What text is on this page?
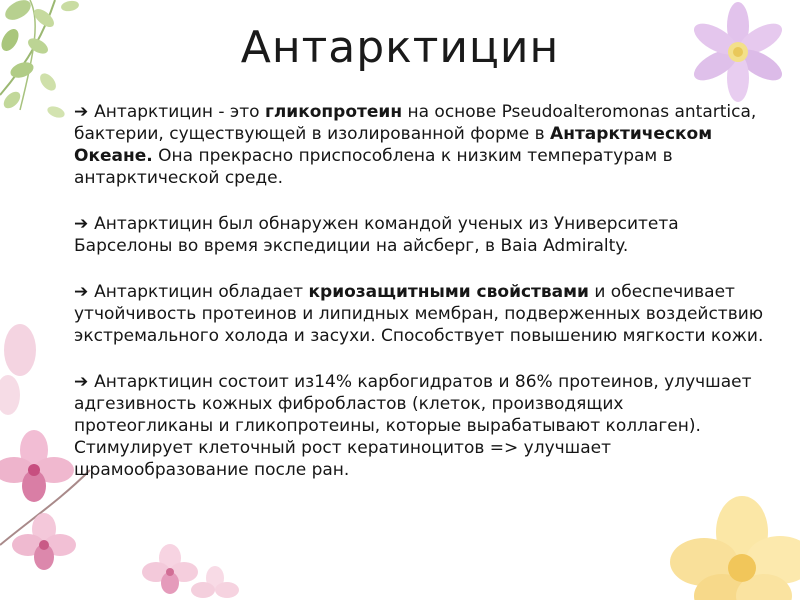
Антарктицин
➔ Антарктицин - это гликопротеин на основе Pseudoalteromonas antartica, бактерии, существующей в изолированной форме в Антарктическом Океане. Она прекрасно приспособлена к низким температурам в антарктической среде.
➔ Антарктицин был обнаружен командой ученых из Университета Барселоны во время экспедиции на айсберг, в Baia Admiralty.
➔ Антарктицин обладает криозащитными свойствами и обеспечивает утчойчивость протеинов и липидных мембран, подверженных воздействию экстремального холода и засухи. Способствует повышению мягкости кожи.
➔ Антарктицин состоит из14% карбогидратов и 86% протеинов, улучшает адгезивность кожных фибробластов (клеток, производящих протеогликаны и гликопротеины, которые вырабатывают коллаген). Стимулирует клеточный рост кератиноцитов => улучшает шрамообразование после ран.
